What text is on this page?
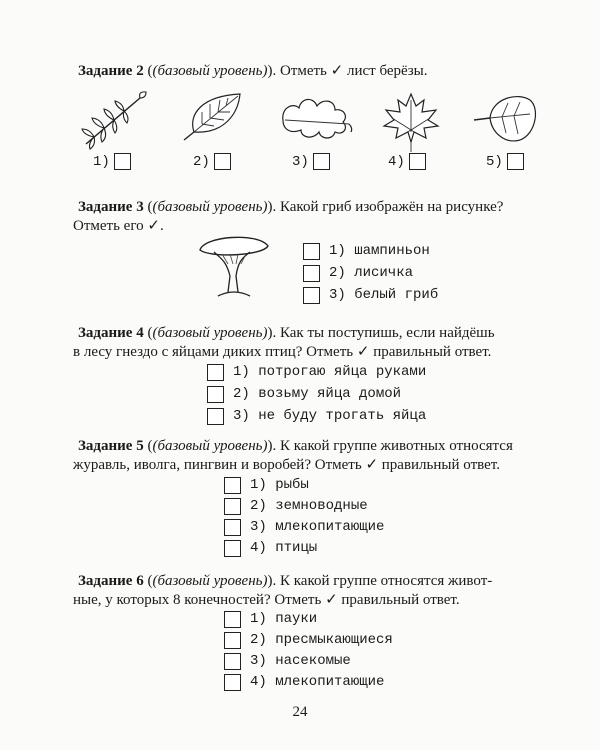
Задание 2 ((базовый уровень)). Отметь ✓ лист берёзы.
1)	2)	3)	4)	5)
Задание 3 ((базовый уровень)). Какой гриб изображён на рисунке?
Отметь его ✓.
1) шампиньон
2) лисичка
3) белый гриб
Задание 4 ((базовый уровень)). Как ты поступишь, если найдёшь
в лесу гнездо с яйцами диких птиц? Отметь ✓ правильный ответ.
1) потрогаю яйца руками
2) возьму яйца домой
3) не буду трогать яйца
Задание 5 ((базовый уровень)). К какой группе животных относятся
журавль, иволга, пингвин и воробей? Отметь ✓ правильный ответ.
1) рыбы
2) земноводные
3) млекопитающие
4) птицы
Задание 6 ((базовый уровень)). К какой группе относятся живот-
ные, у которых 8 конечностей? Отметь ✓ правильный ответ.
1) пауки
2) пресмыкающиеся
3) насекомые
4) млекопитающие
24
